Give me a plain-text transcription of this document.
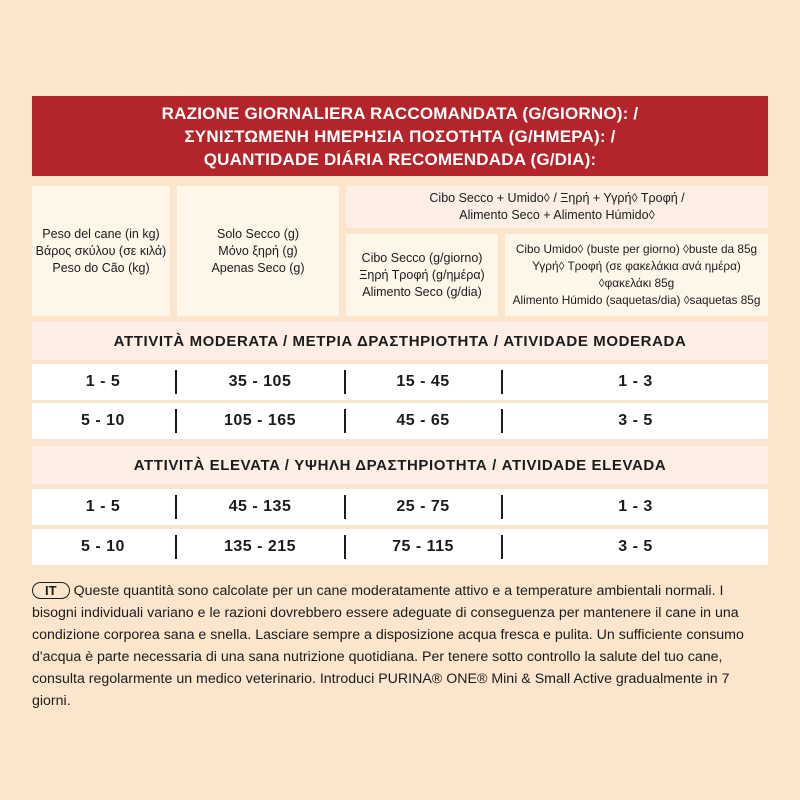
RAZIONE GIORNALIERA RACCOMANDATA (G/GIORNO): /
ΣΥΝΙΣΤΩΜΕΝΗ ΗΜΕΡΗΣΙΑ ΠΟΣΟΤΗΤΑ (G/ΗΜΕΡΑ): /
QUANTIDADE DIÁRIA RECOMENDADA (G/DIA):
Peso del cane (in kg)
Βάρος σκύλου (σε κιλά)
Peso do Cão (kg)
Solo Secco (g)
Μόνο ξηρή (g)
Apenas Seco (g)
Cibo Secco + Umido◊ / Ξηρή + Υγρή◊ Τροφή /
Alimento Seco + Alimento Húmido◊
Cibo Secco (g/giorno)
Ξηρή Τροφή (g/ημέρα)
Alimento Seco (g/dia)
Cibo Umido◊ (buste per giorno) ◊buste da 85g
Υγρή◊ Τροφή (σε φακελάκια ανά ημέρα) ◊φακελάκι 85g
Alimento Húmido (saquetas/dia) ◊saquetas 85g
ATTIVITÀ MODERATA / ΜΕΤΡΙΑ ΔΡΑΣΤΗΡΙΟΤΗΤΑ / ATIVIDADE MODERADA
1 - 5	35 - 105	15 - 45	1 - 3
5 - 10	105 - 165	45 - 65	3 - 5
ATTIVITÀ ELEVATA / ΥΨΗΛΗ ΔΡΑΣΤΗΡΙΟΤΗΤΑ / ATIVIDADE ELEVADA
1 - 5	45 - 135	25 - 75	1 - 3
5 - 10	135 - 215	75 - 115	3 - 5
IT Queste quantità sono calcolate per un cane moderatamente attivo e a temperature ambientali normali. I bisogni individuali variano e le razioni dovrebbero essere adeguate di conseguenza per mantenere il cane in una condizione corporea sana e snella. Lasciare sempre a disposizione acqua fresca e pulita. Un sufficiente consumo d'acqua è parte necessaria di una sana nutrizione quotidiana. Per tenere sotto controllo la salute del tuo cane, consulta regolarmente un medico veterinario. Introduci PURINA® ONE® Mini & Small Active gradualmente in 7 giorni.
